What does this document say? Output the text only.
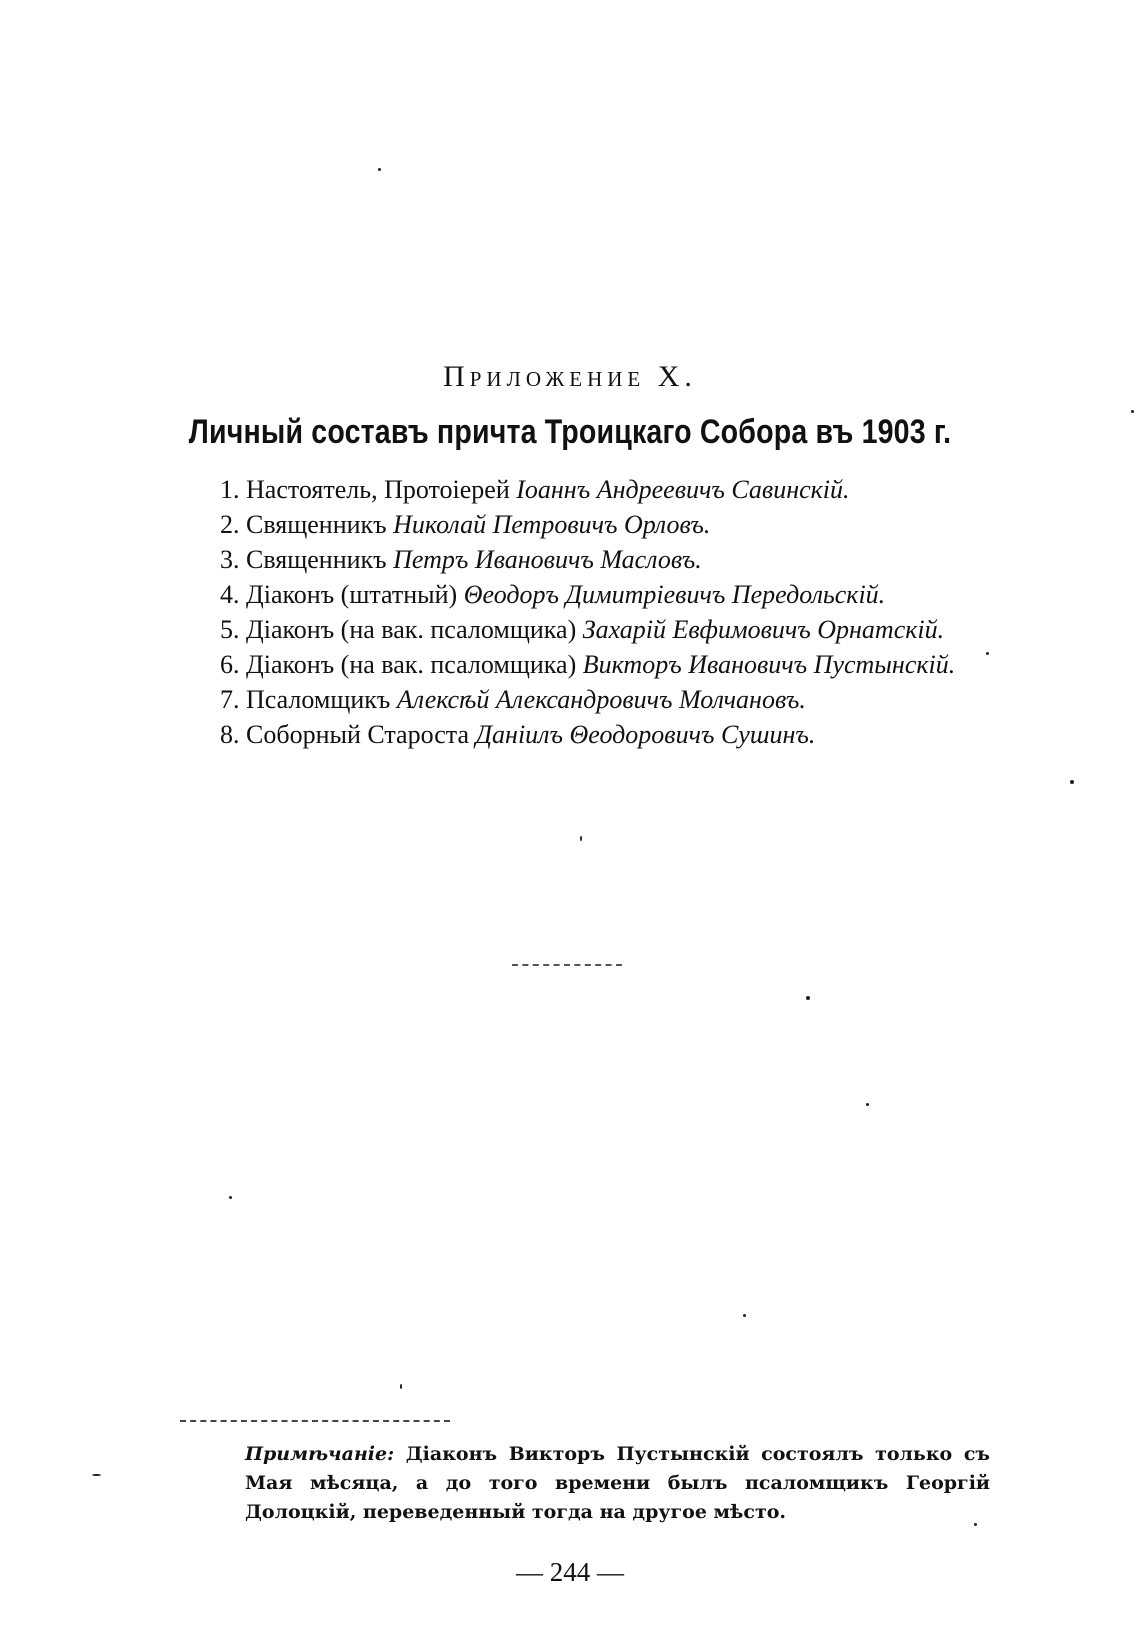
Приложение Х.
Личный составъ причта Троицкаго Собора въ 1903 г.

1. Настоятель, Протоіерей Іоаннъ Андреевичъ Савинскій.

2. Священникъ Николай Петровичъ Орловъ.

3. Священникъ Петръ Ивановичъ Масловъ.

4. Діаконъ (штатный) Θеодоръ Димитріевичъ Передольскій.

5. Діаконъ (на вак. псаломщика) Захарій Евфимовичъ Орнатскій.

6. Діаконъ (на вак. псаломщика) Викторъ Ивановичъ Пустынскій.

7. Псаломщикъ Алексѣй Александровичъ Молчановъ.

8. Соборный Староста Даніилъ Θеодоровичъ Сушинъ.

Примѣчаніе: Діаконъ Викторъ Пустынскій состоялъ только съ Мая мѣсяца, а до того времени былъ псаломщикъ Георгій Долоцкій, переведенный тогда на другое мѣсто.
— 244 —
